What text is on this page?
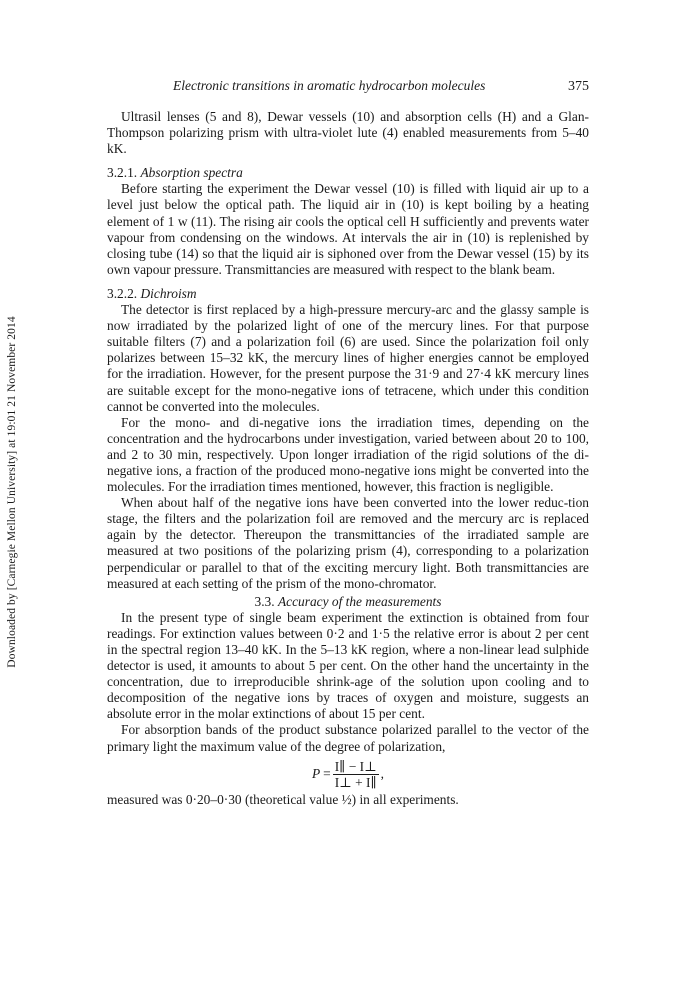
Downloaded by [Carnegie Mellon University] at 19:01 21 November 2014
Electronic transitions in aromatic hydrocarbon molecules	375

Ultrasil lenses (5 and 8), Dewar vessels (10) and absorption cells (H) and a Glan-Thompson polarizing prism with ultra-violet lute (4) enabled measurements from 5–40 kK.

3.2.1. Absorption spectra

Before starting the experiment the Dewar vessel (10) is filled with liquid air up to a level just below the optical path. The liquid air in (10) is kept boiling by a heating element of 1 w (11). The rising air cools the optical cell H sufficiently and prevents water vapour from condensing on the windows. At intervals the air in (10) is replenished by closing tube (14) so that the liquid air is siphoned over from the Dewar vessel (15) by its own vapour pressure. Transmittancies are measured with respect to the blank beam.

3.2.2. Dichroism

The detector is first replaced by a high-pressure mercury-arc and the glassy sample is now irradiated by the polarized light of one of the mercury lines. For that purpose suitable filters (7) and a polarization foil (6) are used. Since the polarization foil only polarizes between 15–32 kK, the mercury lines of higher energies cannot be employed for the irradiation. However, for the present purpose the 31·9 and 27·4 kK mercury lines are suitable except for the mono-negative ions of tetracene, which under this condition cannot be converted into the molecules.

For the mono- and di-negative ions the irradiation times, depending on the concentration and the hydrocarbons under investigation, varied between about 20 to 100, and 2 to 30 min, respectively. Upon longer irradiation of the rigid solutions of the di-negative ions, a fraction of the produced mono-negative ions might be converted into the molecules. For the irradiation times mentioned, however, this fraction is negligible.

When about half of the negative ions have been converted into the lower reduc-tion stage, the filters and the polarization foil are removed and the mercury arc is replaced again by the detector. Thereupon the transmittancies of the irradiated sample are measured at two positions of the polarizing prism (4), corresponding to a polarization perpendicular or parallel to that of the exciting mercury light. Both transmittancies are measured at each setting of the prism of the mono-chromator.

3.3. Accuracy of the measurements

In the present type of single beam experiment the extinction is obtained from four readings. For extinction values between 0·2 and 1·5 the relative error is about 2 per cent in the spectral region 13–40 kK. In the 5–13 kK region, where a non-linear lead sulphide detector is used, it amounts to about 5 per cent. On the other hand the uncertainty in the concentration, due to irreproducible shrink-age of the solution upon cooling and to decomposition of the negative ions by traces of oxygen and moisture, suggests an absolute error in the molar extinctions of about 15 per cent.

For absorption bands of the product substance polarized parallel to the vector of the primary light the maximum value of the degree of polarization,

$P = \frac{I\parallel - I\perp}{I\perp + I\parallel}$ ,

measured was 0·20–0·30 (theoretical value ½) in all experiments.
